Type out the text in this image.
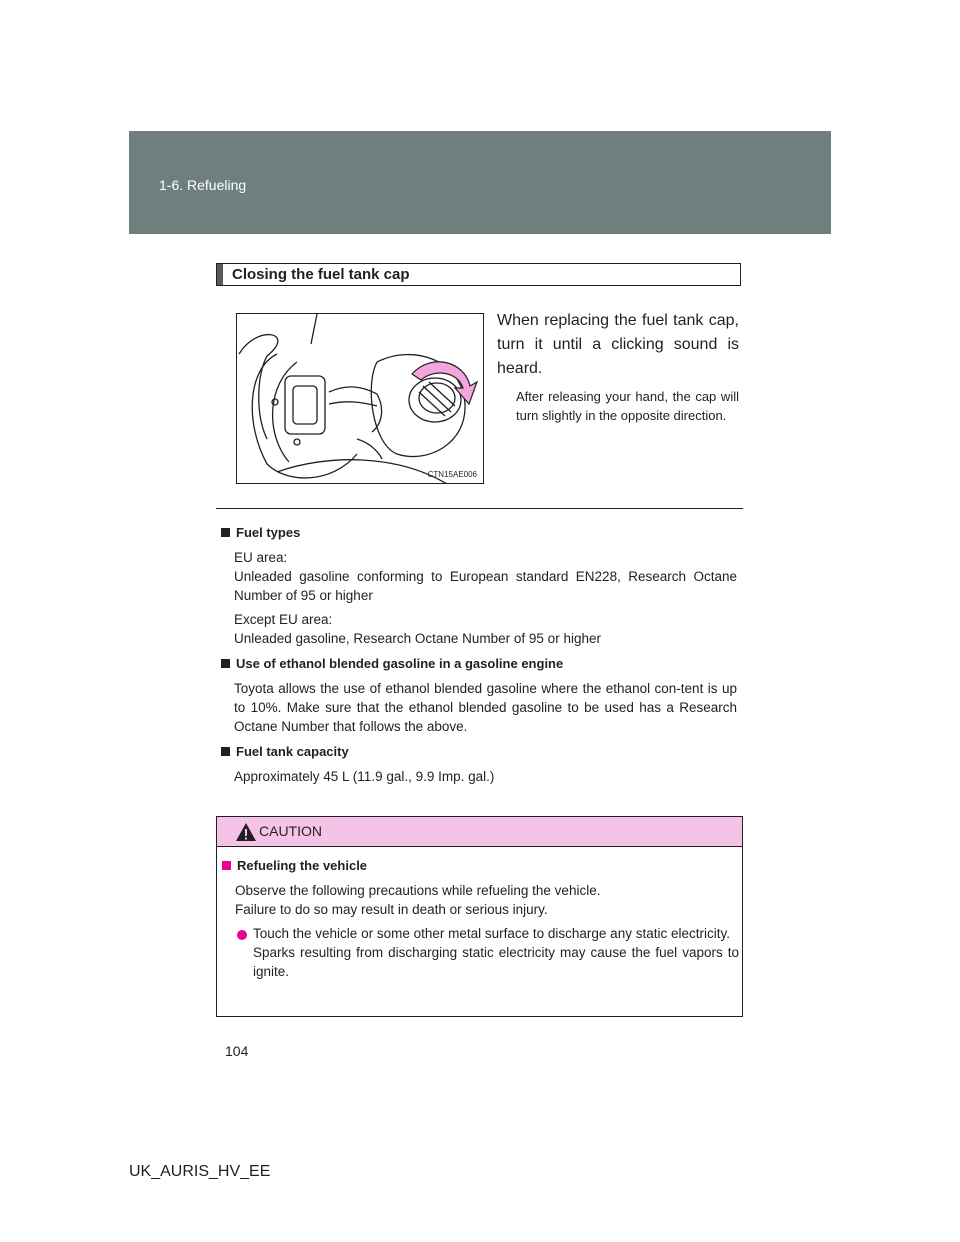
1-6. Refueling
Closing the fuel tank cap
CTN15AE006
When replacing the fuel tank cap, turn it until a clicking sound is heard.
After releasing your hand, the cap will turn slightly in the opposite direction.
Fuel types
EU area:
Unleaded gasoline conforming to European standard EN228, Research Octane Number of 95 or higher
Except EU area:
Unleaded gasoline, Research Octane Number of 95 or higher
Use of ethanol blended gasoline in a gasoline engine
Toyota allows the use of ethanol blended gasoline where the ethanol con-tent is up to 10%. Make sure that the ethanol blended gasoline to be used has a Research Octane Number that follows the above.
Fuel tank capacity
Approximately 45 L (11.9 gal., 9.9 Imp. gal.)
CAUTION
Refueling the vehicle
Observe the following precautions while refueling the vehicle.
Failure to do so may result in death or serious injury.
Touch the vehicle or some other metal surface to discharge any static electricity.
Sparks resulting from discharging static electricity may cause the fuel vapors to ignite.
104
UK_AURIS_HV_EE
